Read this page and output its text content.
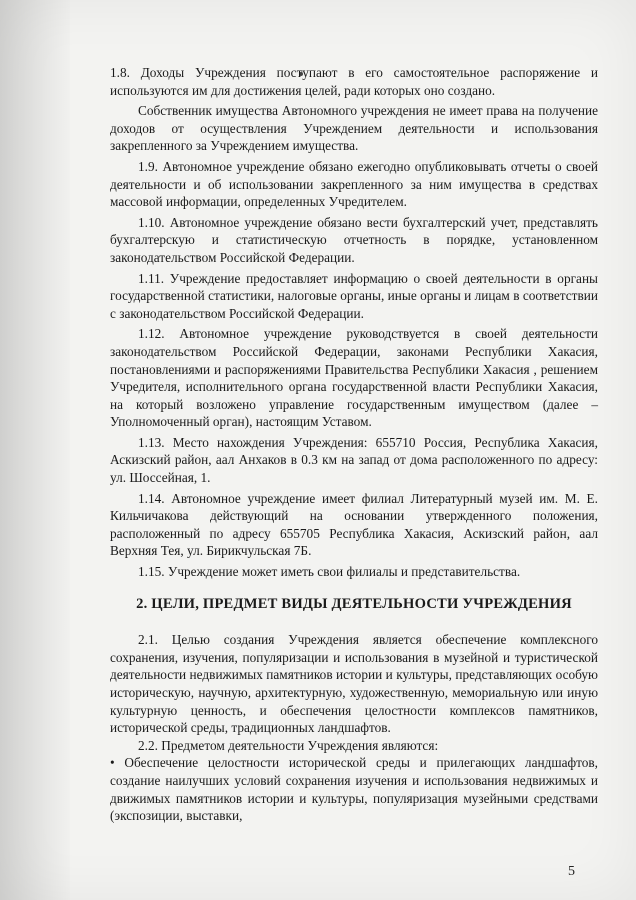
1.8. Доходы Учреждения поступают в его самостоятельное распоряжение и используются им для достижения целей, ради которых оно создано.

Собственник имущества Автономного учреждения не имеет права на получение доходов от осуществления Учреждением деятельности и использования закрепленного за Учреждением имущества.

1.9. Автономное учреждение обязано ежегодно опубликовывать отчеты о своей деятельности и об использовании закрепленного за ним имущества в средствах массовой информации, определенных Учредителем.

1.10. Автономное учреждение обязано вести бухгалтерский учет, представлять бухгалтерскую и статистическую отчетность в порядке, установленном законодательством Российской Федерации.

1.11. Учреждение предоставляет информацию о своей деятельности в органы государственной статистики, налоговые органы, иные органы и лицам в соответствии с законодательством Российской Федерации.

1.12. Автономное учреждение руководствуется в своей деятельности законодательством Российской Федерации, законами Республики Хакасия, постановлениями и распоряжениями Правительства Республики Хакасия , решением Учредителя, исполнительного органа государственной власти Республики Хакасия, на который возложено управление государственным имуществом (далее – Уполномоченный орган), настоящим Уставом.

1.13. Место нахождения Учреждения: 655710 Россия, Республика Хакасия, Аскизский район, аал Анхаков в 0.3 км на запад от дома расположенного по адресу: ул. Шоссейная, 1.

1.14. Автономное учреждение имеет филиал Литературный музей им. М. Е. Кильчичакова действующий на основании утвержденного положения, расположенный по адресу 655705 Республика Хакасия, Аскизский район, аал Верхняя Тея, ул. Бирикчульская 7Б.

1.15. Учреждение может иметь свои филиалы и представительства.

2. ЦЕЛИ, ПРЕДМЕТ ВИДЫ ДЕЯТЕЛЬНОСТИ УЧРЕЖДЕНИЯ

2.1. Целью создания Учреждения является обеспечение комплексного сохранения, изучения, популяризации и использования в музейной и туристической деятельности недвижимых памятников истории и культуры, представляющих особую историческую, научную, архитектурную, художественную, мемориальную или иную культурную ценность, и обеспечения целостности комплексов памятников, исторической среды, традиционных ландшафтов.

2.2. Предметом деятельности Учреждения являются:

• Обеспечение целостности исторической среды и прилегающих ландшафтов, создание наилучших условий сохранения изучения и использования недвижимых и движимых памятников истории и культуры, популяризация музейными средствами (экспозиции, выставки,

5
